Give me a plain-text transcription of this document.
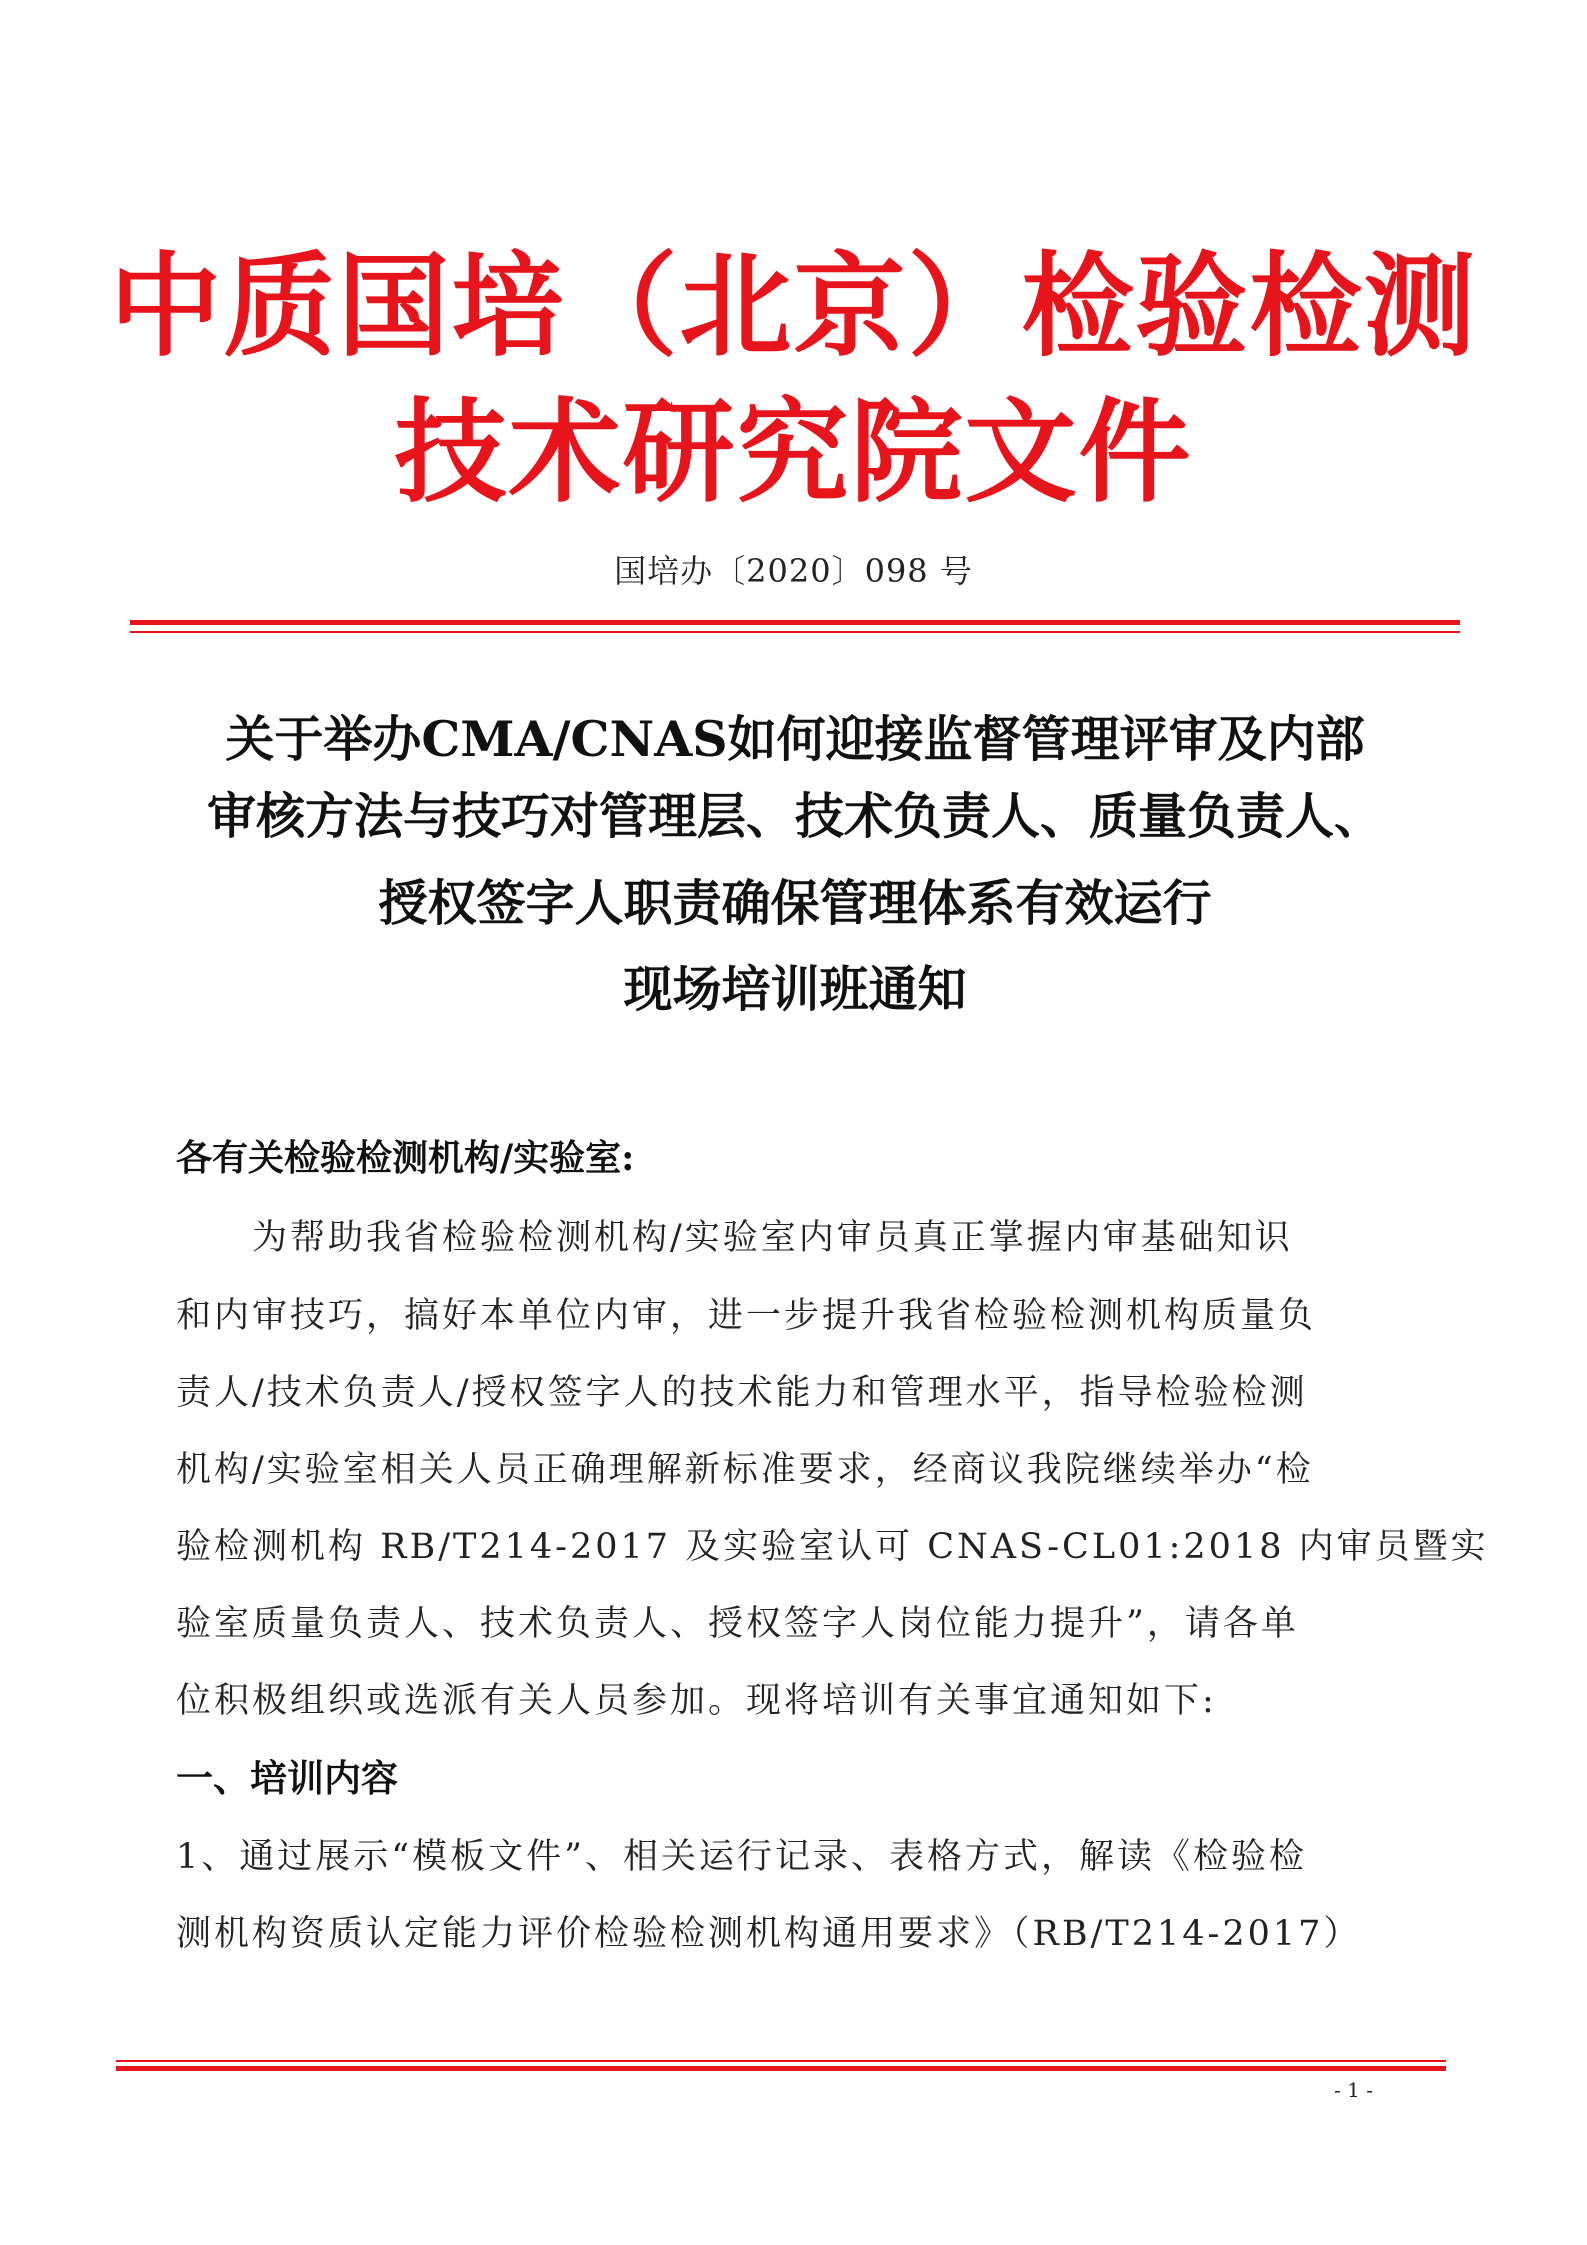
中质国培（北京）检验检测
技术研究院文件
国培办〔2020〕098 号
关于举办CMA/CNAS如何迎接监督管理评审及内部
审核方法与技巧对管理层、技术负责人、质量负责人、
授权签字人职责确保管理体系有效运行
现场培训班通知
各有关检验检测机构/实验室:
为帮助我省检验检测机构/实验室内审员真正掌握内审基础知识
和内审技巧，搞好本单位内审，进一步提升我省检验检测机构质量负
责人/技术负责人/授权签字人的技术能力和管理水平，指导检验检测
机构/实验室相关人员正确理解新标准要求，经商议我院继续举办“检
验检测机构 RB/T214-2017 及实验室认可 CNAS-CL01:2018 内审员暨实
验室质量负责人、技术负责人、授权签字人岗位能力提升”，请各单
位积极组织或选派有关人员参加。现将培训有关事宜通知如下:
一、培训内容
1、通过展示“模板文件”、相关运行记录、表格方式，解读《检验检
测机构资质认定能力评价检验检测机构通用要求》（RB/T214-2017）
- 1 -
